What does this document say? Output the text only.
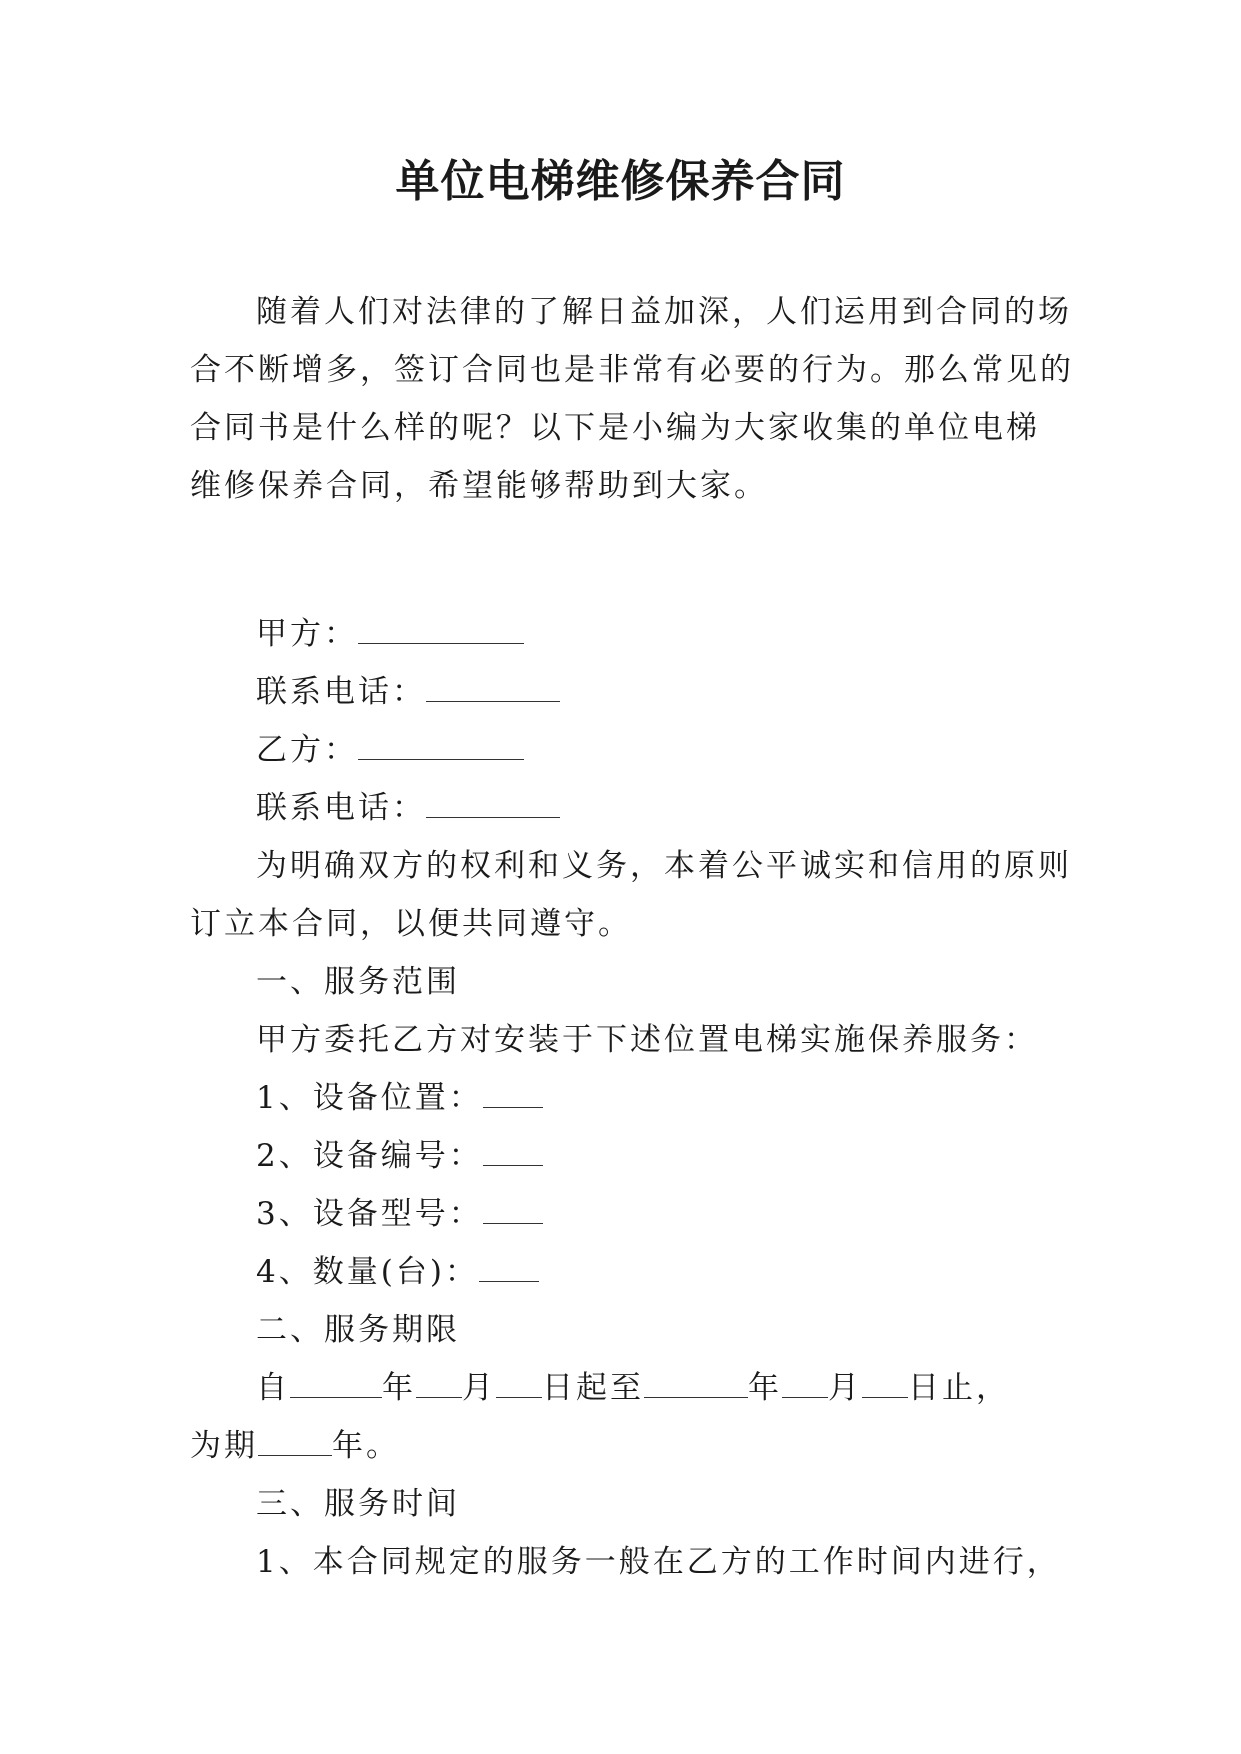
单位电梯维修保养合同
随着人们对法律的了解日益加深，人们运用到合同的场
合不断增多，签订合同也是非常有必要的行为。那么常见的
合同书是什么样的呢？以下是小编为大家收集的单位电梯
维修保养合同，希望能够帮助到大家。
甲方：
联系电话：
乙方：
联系电话：
为明确双方的权利和义务，本着公平诚实和信用的原则
订立本合同，以便共同遵守。
一、服务范围
甲方委托乙方对安装于下述位置电梯实施保养服务：
1、设备位置：
2、设备编号：
3、设备型号：
4、数量(台)：
二、服务期限
自	年 月 日起至	年 月 日止，
为期 年。
三、服务时间
1、本合同规定的服务一般在乙方的工作时间内进行，
